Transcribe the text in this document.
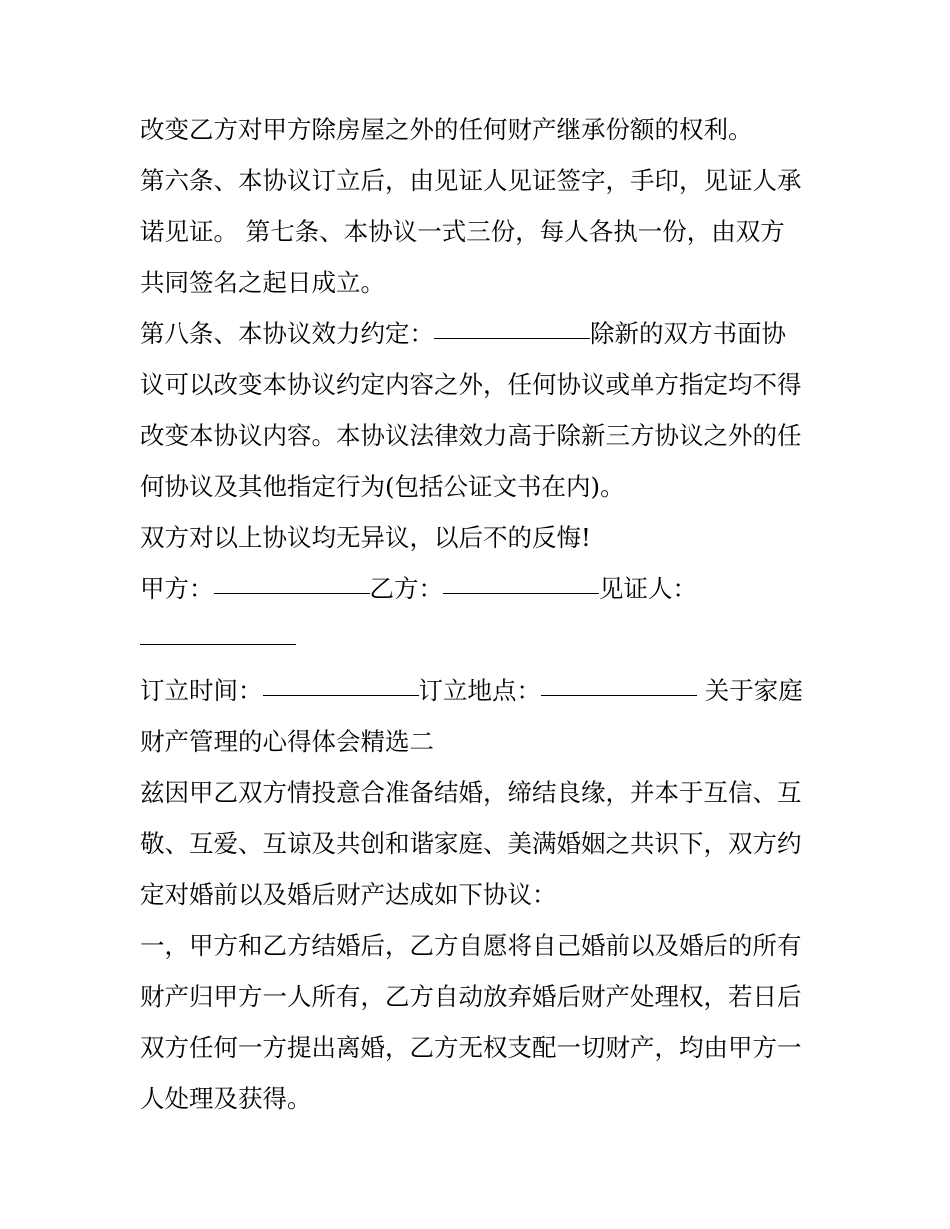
改变乙方对甲方除房屋之外的任何财产继承份额的权利。
第六条、本协议订立后，由见证人见证签字，手印，见证人承
诺见证。 第七条、本协议一式三份，每人各执一份，由双方
共同签名之起日成立。
第八条、本协议效力约定：	除新的双方书面协
议可以改变本协议约定内容之外，任何协议或单方指定均不得
改变本协议内容。本协议法律效力高于除新三方协议之外的任
何协议及其他指定行为(包括公证文书在内)。
双方对以上协议均无异议，以后不的反悔!
甲方：	乙方：	见证人：
订立时间：	订立地点：	关于家庭
财产管理的心得体会精选二
兹因甲乙双方情投意合准备结婚，缔结良缘，并本于互信、互
敬、互爱、互谅及共创和谐家庭、美满婚姻之共识下，双方约
定对婚前以及婚后财产达成如下协议：
一，甲方和乙方结婚后，乙方自愿将自己婚前以及婚后的所有
财产归甲方一人所有，乙方自动放弃婚后财产处理权，若日后
双方任何一方提出离婚，乙方无权支配一切财产，均由甲方一
人处理及获得。
